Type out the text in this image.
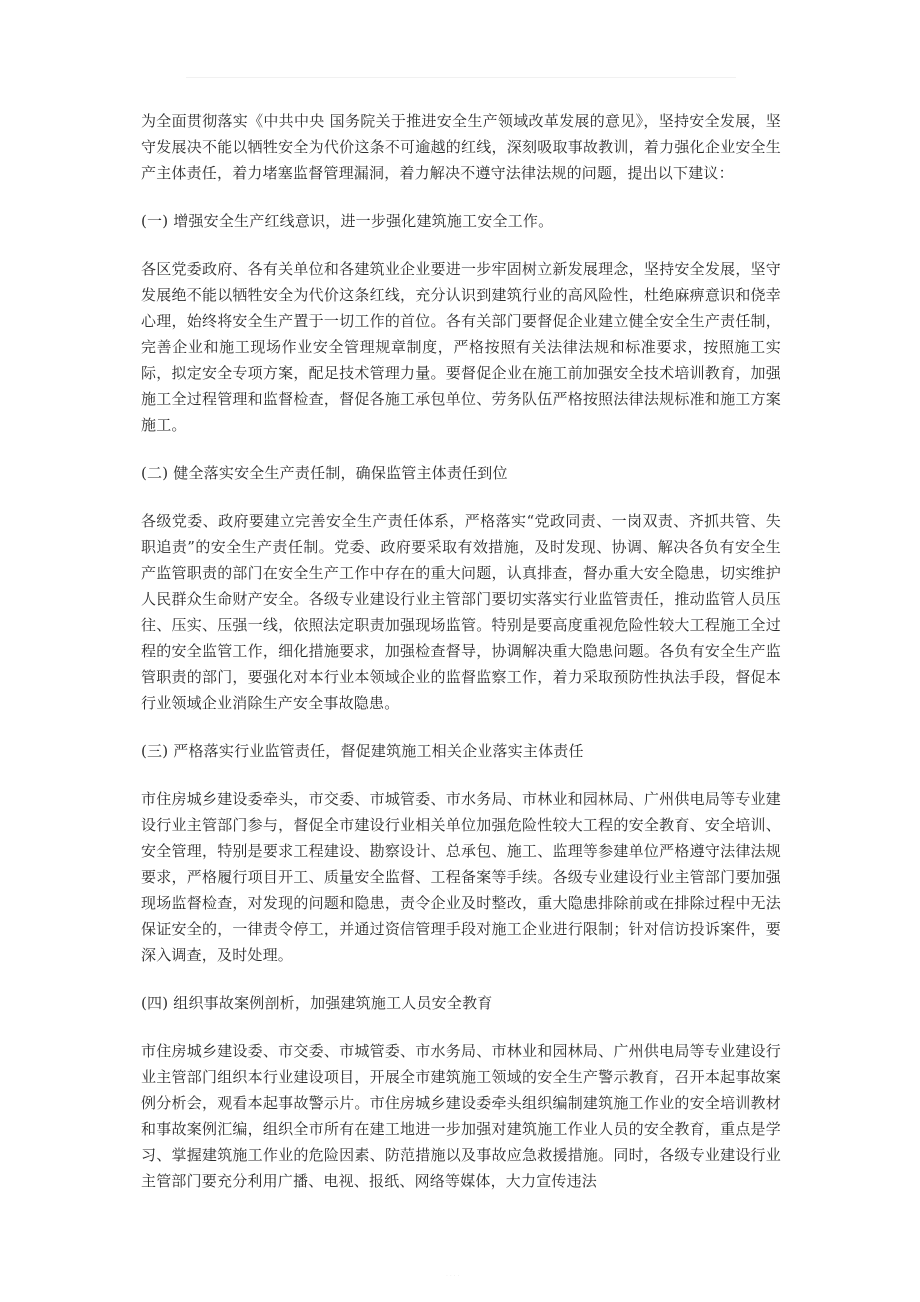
为全面贯彻落实《中共中央 国务院关于推进安全生产领域改革发展的意见》，坚持安全发展，坚守发展决不能以牺牲安全为代价这条不可逾越的红线，深刻吸取事故教训，着力强化企业安全生产主体责任，着力堵塞监督管理漏洞，着力解决不遵守法律法规的问题，提出以下建议：

(一) 增强安全生产红线意识，进一步强化建筑施工安全工作。

各区党委政府、各有关单位和各建筑业企业要进一步牢固树立新发展理念，坚持安全发展，坚守发展绝不能以牺牲安全为代价这条红线，充分认识到建筑行业的高风险性，杜绝麻痹意识和侥幸心理，始终将安全生产置于一切工作的首位。各有关部门要督促企业建立健全安全生产责任制，完善企业和施工现场作业安全管理规章制度，严格按照有关法律法规和标准要求，按照施工实际，拟定安全专项方案，配足技术管理力量。要督促企业在施工前加强安全技术培训教育，加强施工全过程管理和监督检查，督促各施工承包单位、劳务队伍严格按照法律法规标准和施工方案施工。

(二) 健全落实安全生产责任制，确保监管主体责任到位

各级党委、政府要建立完善安全生产责任体系，严格落实“党政同责、一岗双责、齐抓共管、失职追责”的安全生产责任制。党委、政府要采取有效措施，及时发现、协调、解决各负有安全生产监管职责的部门在安全生产工作中存在的重大问题，认真排查，督办重大安全隐患，切实维护人民群众生命财产安全。各级专业建设行业主管部门要切实落实行业监管责任，推动监管人员压往、压实、压强一线，依照法定职责加强现场监管。特别是要高度重视危险性较大工程施工全过程的安全监管工作，细化措施要求，加强检查督导，协调解决重大隐患问题。各负有安全生产监管职责的部门，要强化对本行业本领域企业的监督监察工作，着力采取预防性执法手段，督促本行业领域企业消除生产安全事故隐患。

(三) 严格落实行业监管责任，督促建筑施工相关企业落实主体责任

市住房城乡建设委牵头，市交委、市城管委、市水务局、市林业和园林局、广州供电局等专业建设行业主管部门参与，督促全市建设行业相关单位加强危险性较大工程的安全教育、安全培训、安全管理，特别是要求工程建设、勘察设计、总承包、施工、监理等参建单位严格遵守法律法规要求，严格履行项目开工、质量安全监督、工程备案等手续。各级专业建设行业主管部门要加强现场监督检查，对发现的问题和隐患，责令企业及时整改，重大隐患排除前或在排除过程中无法保证安全的，一律责令停工，并通过资信管理手段对施工企业进行限制；针对信访投诉案件，要深入调查，及时处理。

(四) 组织事故案例剖析，加强建筑施工人员安全教育

市住房城乡建设委、市交委、市城管委、市水务局、市林业和园林局、广州供电局等专业建设行业主管部门组织本行业建设项目，开展全市建筑施工领域的安全生产警示教育，召开本起事故案例分析会，观看本起事故警示片。市住房城乡建设委牵头组织编制建筑施工作业的安全培训教材和事故案例汇编，组织全市所有在建工地进一步加强对建筑施工作业人员的安全教育，重点是学习、掌握建筑施工作业的危险因素、防范措施以及事故应急救援措施。同时，各级专业建设行业主管部门要充分利用广播、电视、报纸、网络等媒体，大力宣传违法

· · · ·
